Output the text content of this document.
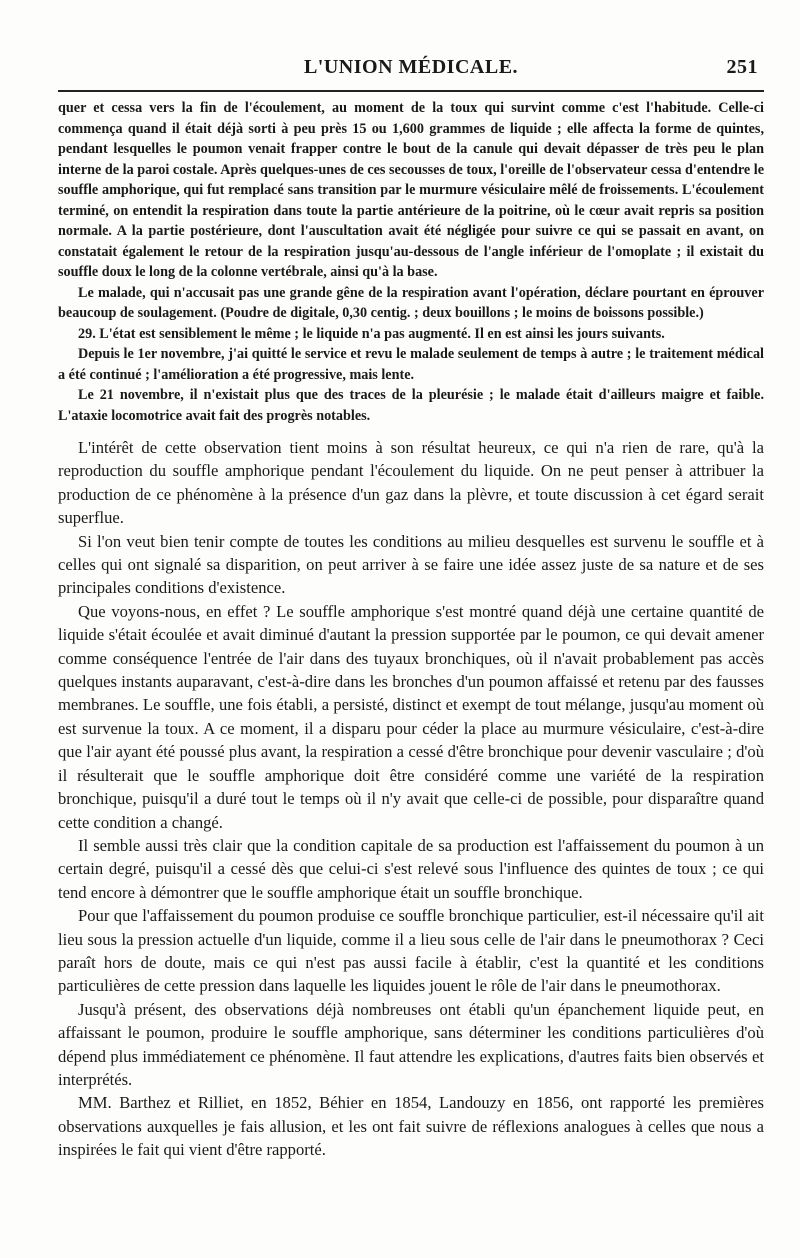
L'UNION MÉDICALE.	251

quer et cessa vers la fin de l'écoulement, au moment de la toux qui survint comme c'est l'habitude. Celle-ci commença quand il était déjà sorti à peu près 15 ou 1,600 grammes de liquide ; elle affecta la forme de quintes, pendant lesquelles le poumon venait frapper contre le bout de la canule qui devait dépasser de très peu le plan interne de la paroi costale. Après quelques-unes de ces secousses de toux, l'oreille de l'observateur cessa d'entendre le souffle amphorique, qui fut remplacé sans transition par le murmure vésiculaire mêlé de froissements. L'écoulement terminé, on entendit la respiration dans toute la partie antérieure de la poitrine, où le cœur avait repris sa position normale. A la partie postérieure, dont l'auscultation avait été négligée pour suivre ce qui se passait en avant, on constatait également le retour de la respiration jusqu'au-dessous de l'angle inférieur de l'omoplate ; il existait du souffle doux le long de la colonne vertébrale, ainsi qu'à la base.

Le malade, qui n'accusait pas une grande gêne de la respiration avant l'opération, déclare pourtant en éprouver beaucoup de soulagement. (Poudre de digitale, 0,30 centig. ; deux bouillons ; le moins de boissons possible.)

29. L'état est sensiblement le même ; le liquide n'a pas augmenté. Il en est ainsi les jours suivants.

Depuis le 1er novembre, j'ai quitté le service et revu le malade seulement de temps à autre ; le traitement médical a été continué ; l'amélioration a été progressive, mais lente.

Le 21 novembre, il n'existait plus que des traces de la pleurésie ; le malade était d'ailleurs maigre et faible. L'ataxie locomotrice avait fait des progrès notables.

L'intérêt de cette observation tient moins à son résultat heureux, ce qui n'a rien de rare, qu'à la reproduction du souffle amphorique pendant l'écoulement du liquide. On ne peut penser à attribuer la production de ce phénomène à la présence d'un gaz dans la plèvre, et toute discussion à cet égard serait superflue.

Si l'on veut bien tenir compte de toutes les conditions au milieu desquelles est survenu le souffle et à celles qui ont signalé sa disparition, on peut arriver à se faire une idée assez juste de sa nature et de ses principales conditions d'existence.

Que voyons-nous, en effet ? Le souffle amphorique s'est montré quand déjà une certaine quantité de liquide s'était écoulée et avait diminué d'autant la pression supportée par le poumon, ce qui devait amener comme conséquence l'entrée de l'air dans des tuyaux bronchiques, où il n'avait probablement pas accès quelques instants auparavant, c'est-à-dire dans les bronches d'un poumon affaissé et retenu par des fausses membranes. Le souffle, une fois établi, a persisté, distinct et exempt de tout mélange, jusqu'au moment où est survenue la toux. A ce moment, il a disparu pour céder la place au murmure vésiculaire, c'est-à-dire que l'air ayant été poussé plus avant, la respiration a cessé d'être bronchique pour devenir vasculaire ; d'où il résulterait que le souffle amphorique doit être considéré comme une variété de la respiration bronchique, puisqu'il a duré tout le temps où il n'y avait que celle-ci de possible, pour disparaître quand cette condition a changé.

Il semble aussi très clair que la condition capitale de sa production est l'affaissement du poumon à un certain degré, puisqu'il a cessé dès que celui-ci s'est relevé sous l'influence des quintes de toux ; ce qui tend encore à démontrer que le souffle amphorique était un souffle bronchique.

Pour que l'affaissement du poumon produise ce souffle bronchique particulier, est-il nécessaire qu'il ait lieu sous la pression actuelle d'un liquide, comme il a lieu sous celle de l'air dans le pneumothorax ? Ceci paraît hors de doute, mais ce qui n'est pas aussi facile à établir, c'est la quantité et les conditions particulières de cette pression dans laquelle les liquides jouent le rôle de l'air dans le pneumothorax.

Jusqu'à présent, des observations déjà nombreuses ont établi qu'un épanchement liquide peut, en affaissant le poumon, produire le souffle amphorique, sans déterminer les conditions particulières d'où dépend plus immédiatement ce phénomène. Il faut attendre les explications, d'autres faits bien observés et interprétés.

MM. Barthez et Rilliet, en 1852, Béhier en 1854, Landouzy en 1856, ont rapporté les premières observations auxquelles je fais allusion, et les ont fait suivre de réflexions analogues à celles que nous a inspirées le fait qui vient d'être rapporté.
